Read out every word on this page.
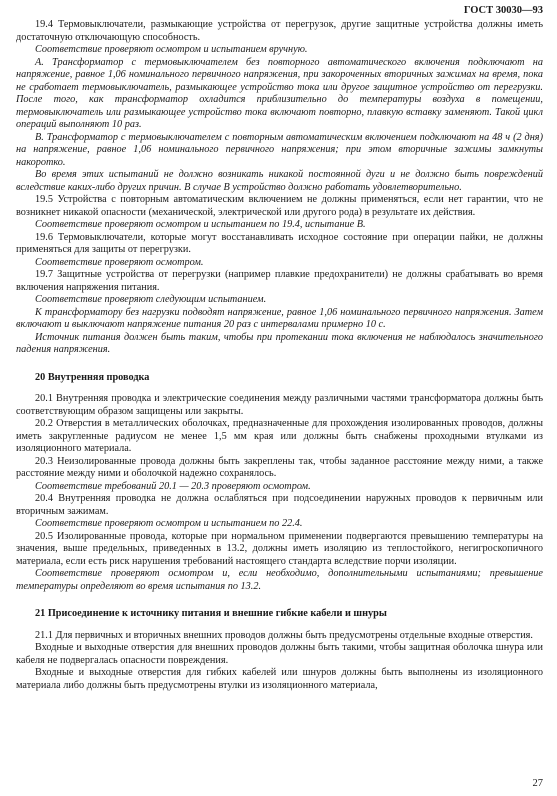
ГОСТ 30030—93

19.4 Термовыключатели, размыкающие устройства от перегрузок, другие защитные устройства должны иметь достаточную отключающую способность.

Соответствие проверяют осмотром и испытанием вручную.

А. Трансформатор с термовыключателем без повторного автоматического включения подключают на напряжение, равное 1,06 номинального первичного напряжения, при закороченных вторичных зажимах на время, пока не сработает термовыключатель, размыкающее устройство тока или другое защитное устройство от перегрузки. После того, как трансформатор охладится приблизительно до температуры воздуха в помещении, термовыключатель или размыкающее устройство тока включают повторно, плавкую вставку заменяют. Такой цикл операций выполняют 10 раз.

В. Трансформатор с термовыключателем с повторным автоматическим включением подключают на 48 ч (2 дня) на напряжение, равное 1,06 номинального первичного напряжения; при этом вторичные зажимы замкнуты накоротко.

Во время этих испытаний не должно возникать никакой постоянной дуги и не должно быть повреждений вследствие каких-либо других причин. В случае В устройство должно работать удовлетворительно.

19.5 Устройства с повторным автоматическим включением не должны применяться, если нет гарантии, что не возникнет никакой опасности (механической, электрической или другого рода) в результате их действия.

Соответствие проверяют осмотром и испытанием по 19.4, испытание В.

19.6 Термовыключатели, которые могут восстанавливать исходное состояние при операции пайки, не должны применяться для защиты от перегрузки.

Соответствие проверяют осмотром.

19.7 Защитные устройства от перегрузки (например плавкие предохранители) не должны срабатывать во время включения напряжения питания.

Соответствие проверяют следующим испытанием.

К трансформатору без нагрузки подводят напряжение, равное 1,06 номинального первичного напряжения. Затем включают и выключают напряжение питания 20 раз с интервалами примерно 10 с.

Источник питания должен быть таким, чтобы при протекании тока включения не наблюдалось значительного падения напряжения.

20 Внутренняя проводка

20.1 Внутренняя проводка и электрические соединения между различными частями трансформатора должны быть соответствующим образом защищены или закрыты.

20.2 Отверстия в металлических оболочках, предназначенные для прохождения изолированных проводов, должны иметь закругленные радиусом не менее 1,5 мм края или должны быть снабжены проходными втулками из изоляционного материала.

20.3 Неизолированные провода должны быть закреплены так, чтобы заданное расстояние между ними, а также расстояние между ними и оболочкой надежно сохранялось.

Соответствие требований 20.1 — 20.3 проверяют осмотром.

20.4 Внутренняя проводка не должна ослабляться при подсоединении наружных проводов к первичным или вторичным зажимам.

Соответствие проверяют осмотром и испытанием по 22.4.

20.5 Изолированные провода, которые при нормальном применении подвергаются превышению температуры на значения, выше предельных, приведенных в 13.2, должны иметь изоляцию из теплостойкого, негигроскопичного материала, если есть риск нарушения требований настоящего стандарта вследствие порчи изоляции.

Соответствие проверяют осмотром и, если необходимо, дополнительными испытаниями; превышение температуры определяют во время испытания по 13.2.

21 Присоединение к источнику питания и внешние гибкие кабели и шнуры

21.1 Для первичных и вторичных внешних проводов должны быть предусмотрены отдельные входные отверстия.

Входные и выходные отверстия для внешних проводов должны быть такими, чтобы защитная оболочка шнура или кабеля не подвергалась опасности повреждения.

Входные и выходные отверстия для гибких кабелей или шнуров должны быть выполнены из изоляционного материала либо должны быть предусмотрены втулки из изоляционного материала,

27
